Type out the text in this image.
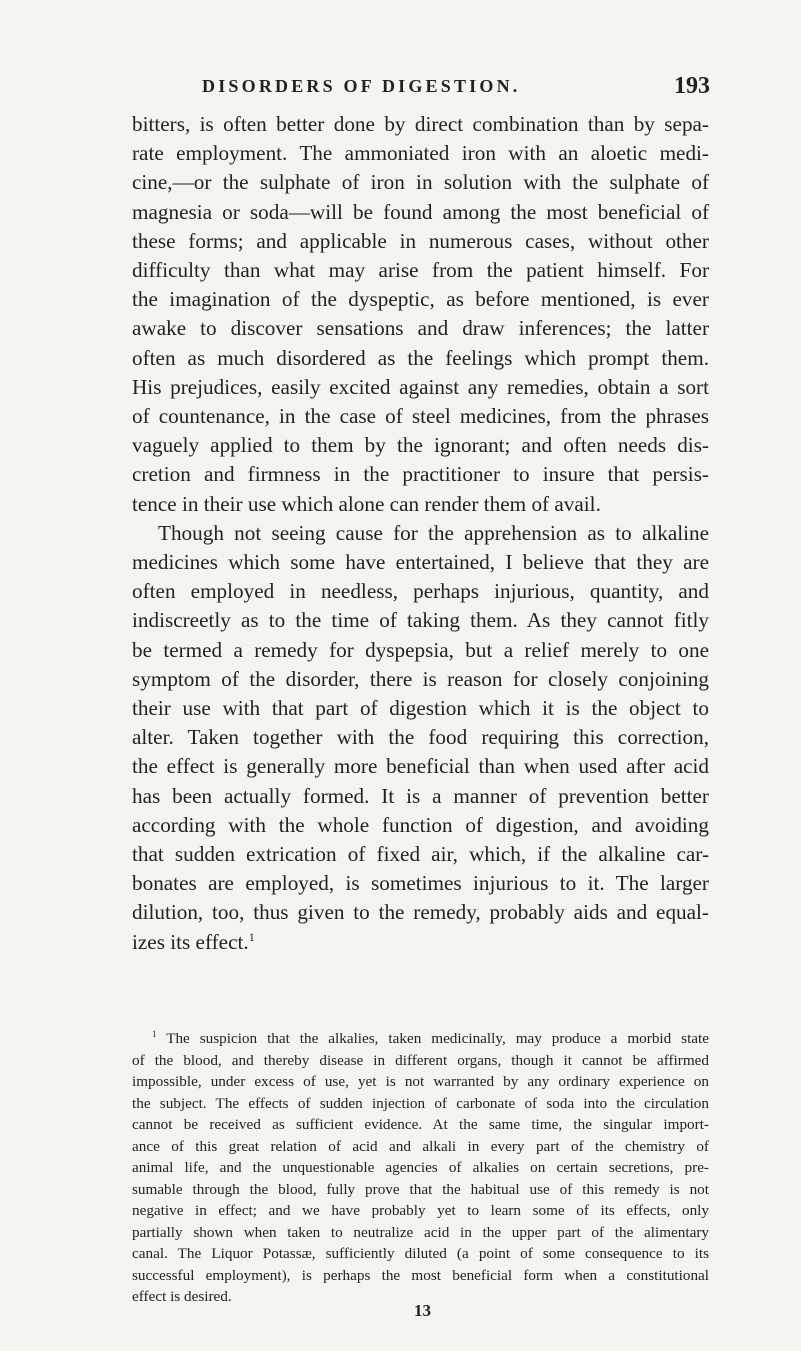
DISORDERS OF DIGESTION.	193

bitters, is often better done by direct combination than by sepa-

rate employment. The ammoniated iron with an aloetic medi-

cine,—or the sulphate of iron in solution with the sulphate of

magnesia or soda—will be found among the most beneficial of

these forms; and applicable in numerous cases, without other

difficulty than what may arise from the patient himself. For

the imagination of the dyspeptic, as before mentioned, is ever

awake to discover sensations and draw inferences; the latter

often as much disordered as the feelings which prompt them.

His prejudices, easily excited against any remedies, obtain a sort

of countenance, in the case of steel medicines, from the phrases

vaguely applied to them by the ignorant; and often needs dis-

cretion and firmness in the practitioner to insure that persis-

tence in their use which alone can render them of avail.

Though not seeing cause for the apprehension as to alkaline

medicines which some have entertained, I believe that they are

often employed in needless, perhaps injurious, quantity, and

indiscreetly as to the time of taking them. As they cannot fitly

be termed a remedy for dyspepsia, but a relief merely to one

symptom of the disorder, there is reason for closely conjoining

their use with that part of digestion which it is the object to

alter. Taken together with the food requiring this correction,

the effect is generally more beneficial than when used after acid

has been actually formed. It is a manner of prevention better

according with the whole function of digestion, and avoiding

that sudden extrication of fixed air, which, if the alkaline car-

bonates are employed, is sometimes injurious to it. The larger

dilution, too, thus given to the remedy, probably aids and equal-

izes its effect.$^1$

$^1$ The suspicion that the alkalies, taken medicinally, may produce a morbid state

of the blood, and thereby disease in different organs, though it cannot be affirmed

impossible, under excess of use, yet is not warranted by any ordinary experience on

the subject. The effects of sudden injection of carbonate of soda into the circulation

cannot be received as sufficient evidence. At the same time, the singular import-

ance of this great relation of acid and alkali in every part of the chemistry of

animal life, and the unquestionable agencies of alkalies on certain secretions, pre-

sumable through the blood, fully prove that the habitual use of this remedy is not

negative in effect; and we have probably yet to learn some of its effects, only

partially shown when taken to neutralize acid in the upper part of the alimentary

canal. The Liquor Potassæ, sufficiently diluted (a point of some consequence to its

successful employment), is perhaps the most beneficial form when a constitutional

effect is desired.

13
